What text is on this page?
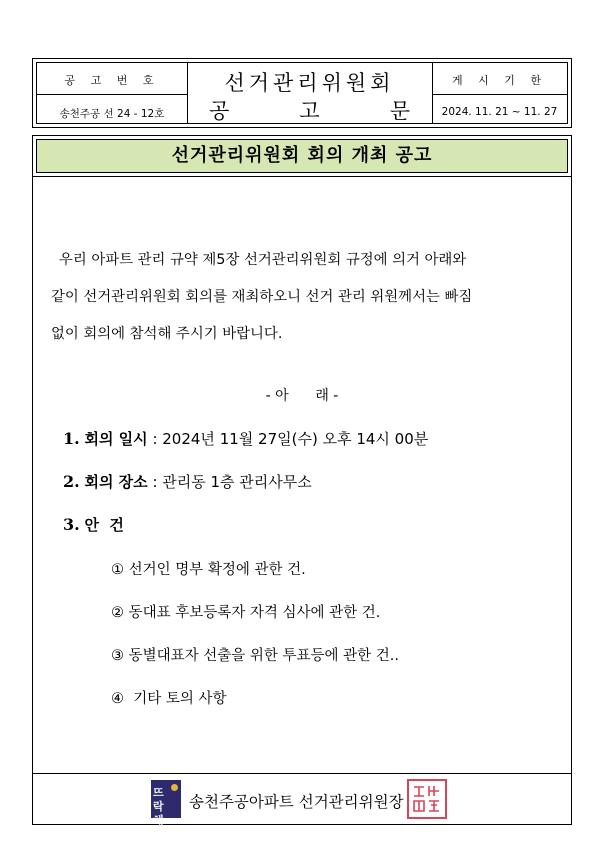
공 고 번 호
송천주공 선 24 - 12호
선거관리위원회
공	고	문
게 시 기 한
2024. 11. 21 ~ 11. 27
선거관리위원회 회의 개최 공고
우리 아파트 관리 규약 제5장 선거관리위원회 규정에 의거 아래와
같이 선거관리위원회 회의를 재최하오니 선거 관리 위원께서는 빠짐
없이 회의에 참석해 주시기 바랍니다.
- 아      래 -
1. 회의 일시 : 2024년 11월 27일(수) 오후 14시 00분
2. 회의 장소 : 관리동 1층 관리사무소
3. 안  건
① 선거인 명부 확정에 관한 건.
② 동대표 후보등록자 자격 심사에 관한 건.
③ 동별대표자 선출을 위한 투표등에 관한 건..
④  기타 토의 사항
뜨락채
송천주공아파트 선거관리위원장
